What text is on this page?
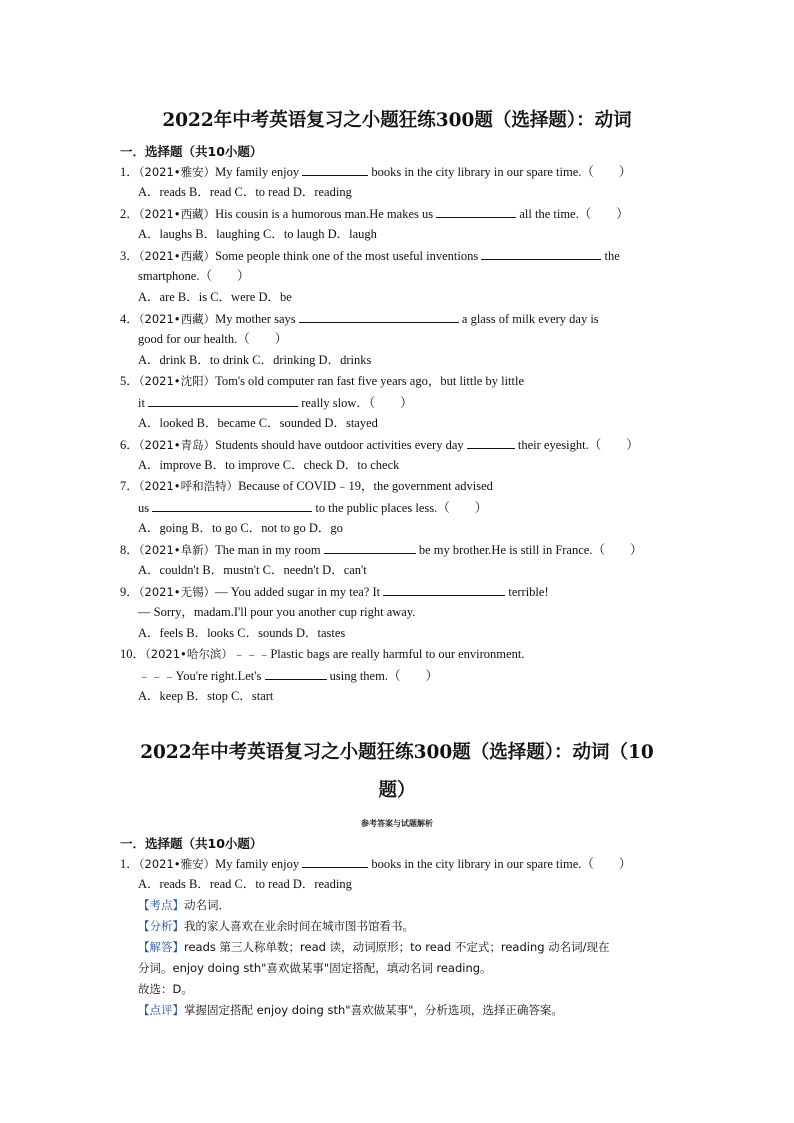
2022年中考英语复习之小题狂练300题（选择题）：动词
一．选择题（共10小题）
1．（2021•雅安）My family enjoy	books in the city library in our spare time.（　　）
A．reads B．read C．to read D．reading
2．（2021•西藏）His cousin is a humorous man.He makes us	all the time.（　　）
A．laughs B．laughing C．to laugh D．laugh
3．（2021•西藏）Some people think one of the most useful inventions	the
smartphone.（　　）
A．are B．is C．were D．be
4．（2021•西藏）My mother says	a glass of milk every day is
good for our health.（　　）
A．drink B．to drink C．drinking D．drinks
5．（2021•沈阳）Tom's old computer ran fast five years ago，but little by little
it	really slow．（　　）
A．looked B．became C．sounded D．stayed
6．（2021•青岛）Students should have outdoor activities every day	their eyesight.（　　）
A．improve B．to improve C．check D．to check
7．（2021•呼和浩特）Because of COVID﹣19，the government advised
us	to the public places less.（　　）
A．going B．to go C．not to go D．go
8．（2021•阜新）The man in my room	be my brother.He is still in France.（　　）
A．couldn't B．mustn't C．needn't D．can't
9．（2021•无锡）— You added sugar in my tea? It	terrible!
— Sorry，madam.I'll pour you another cup right away.
A．feels B．looks C．sounds D．tastes
10．（2021•哈尔滨）﹣﹣﹣Plastic bags are really harmful to our environment.
﹣﹣﹣You're right.Let's	using them.（　　）
A．keep B．stop C．start
2022年中考英语复习之小题狂练300题（选择题）：动词（10
题）
参考答案与试题解析
一．选择题（共10小题）
1．（2021•雅安）My family enjoy	books in the city library in our spare time.（　　）
A．reads B．read C．to read D．reading
【考点】动名词．
【分析】我的家人喜欢在业余时间在城市图书馆看书。
【解答】reads 第三人称单数；read 读，动词原形；to read 不定式；reading 动名词/现在
分词。enjoy doing sth"喜欢做某事"固定搭配，填动名词 reading。
故选：D。
【点评】掌握固定搭配 enjoy doing sth"喜欢做某事"，分析选项，选择正确答案。
